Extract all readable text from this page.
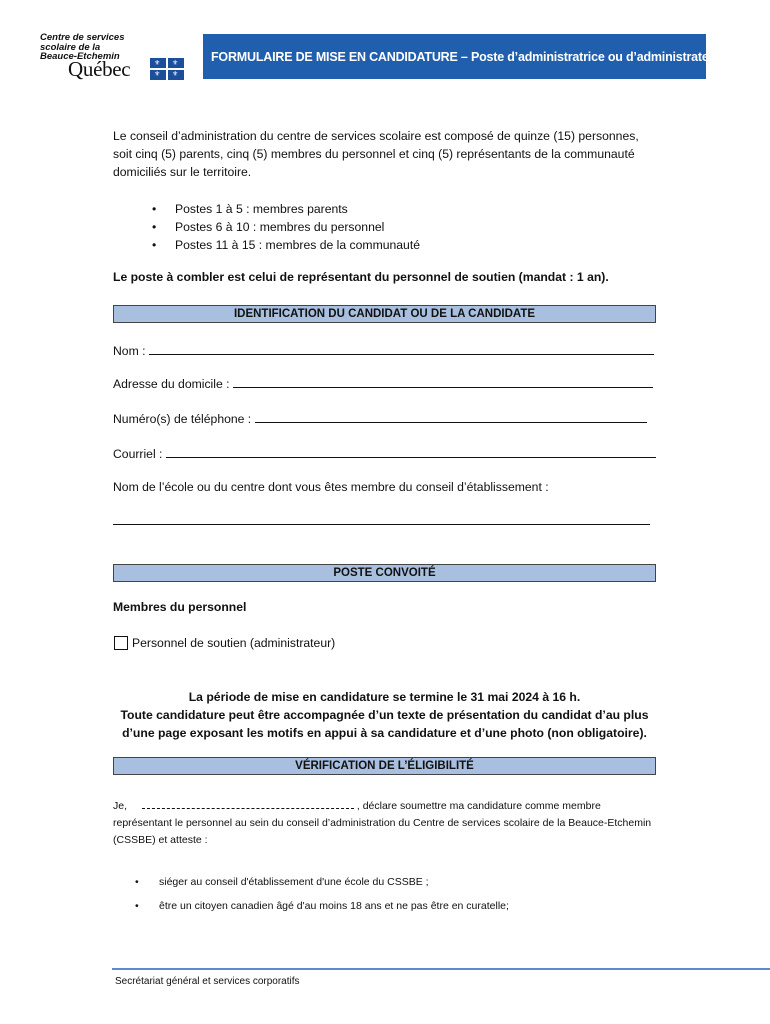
Centre de services
scolaire de la
Beauce-Etchemin
Québec	⚜ ⚜
⚜ ⚜
FORMULAIRE DE MISE EN CANDIDATURE – Poste d’administratrice ou d’administrateur
Le conseil d’administration du centre de services scolaire est composé de quinze (15) personnes, soit cinq (5) parents, cinq (5) membres du personnel et cinq (5) représentants de la communauté domiciliés sur le territoire.
• Postes 1 à 5 : membres parents
• Postes 6 à 10 : membres du personnel
• Postes 11 à 15 : membres de la communauté
Le poste à combler est celui de représentant du personnel de soutien (mandat : 1 an).
IDENTIFICATION DU CANDIDAT OU DE LA CANDIDATE
Nom :
Adresse du domicile :
Numéro(s) de téléphone :
Courriel :
Nom de l’école ou du centre dont vous êtes membre du conseil d’établissement :
POSTE CONVOITÉ
Membres du personnel
Personnel de soutien (administrateur)
La période de mise en candidature se termine le 31 mai 2024 à 16 h.
Toute candidature peut être accompagnée d’un texte de présentation du candidat d’au plus
d’une page exposant les motifs en appui à sa candidature et d’une photo (non obligatoire).
VÉRIFICATION DE L’ÉLIGIBILITÉ
Je,	, déclare soumettre ma candidature comme membre
représentant le personnel au sein du conseil d’administration du Centre de services scolaire de la Beauce-Etchemin
(CSSBE) et atteste :
• siéger au conseil d'établissement d'une école du CSSBE ;
• être un citoyen canadien âgé d'au moins 18 ans et ne pas être en curatelle;
Secrétariat général et services corporatifs
